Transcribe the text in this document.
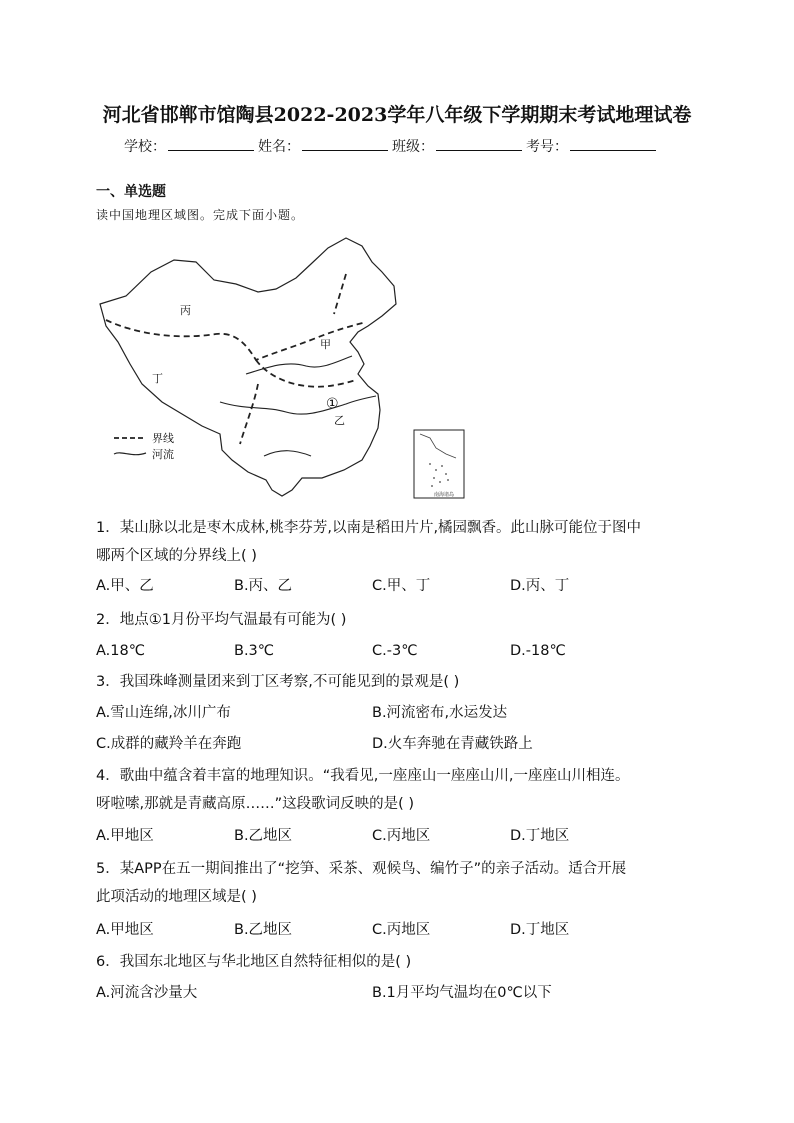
河北省邯郸市馆陶县2022-2023学年八年级下学期期末考试地理试卷
学校：	姓名：	班级：	考号：
一、单选题
读中国地理区域图。完成下面小题。
丙
甲
丁
乙
①
界线
河流
南海诸岛
1．某山脉以北是枣木成林,桃李芬芳,以南是稻田片片,橘园飘香。此山脉可能位于图中
哪两个区域的分界线上( )
A.甲、乙	B.丙、乙	C.甲、丁	D.丙、丁
2．地点①1月份平均气温最有可能为( )
A.18℃	B.3℃	C.-3℃	D.-18℃
3．我国珠峰测量团来到丁区考察,不可能见到的景观是( )
A.雪山连绵,冰川广布	B.河流密布,水运发达
C.成群的藏羚羊在奔跑	D.火车奔驰在青藏铁路上
4．歌曲中蕴含着丰富的地理知识。“我看见,一座座山一座座山川,一座座山川相连。
呀啦嗦,那就是青藏高原……”这段歌词反映的是( )
A.甲地区	B.乙地区	C.丙地区	D.丁地区
5．某APP在五一期间推出了“挖笋、采茶、观候鸟、编竹子”的亲子活动。适合开展
此项活动的地理区域是( )
A.甲地区	B.乙地区	C.丙地区	D.丁地区
6．我国东北地区与华北地区自然特征相似的是( )
A.河流含沙量大	B.1月平均气温均在0℃以下
